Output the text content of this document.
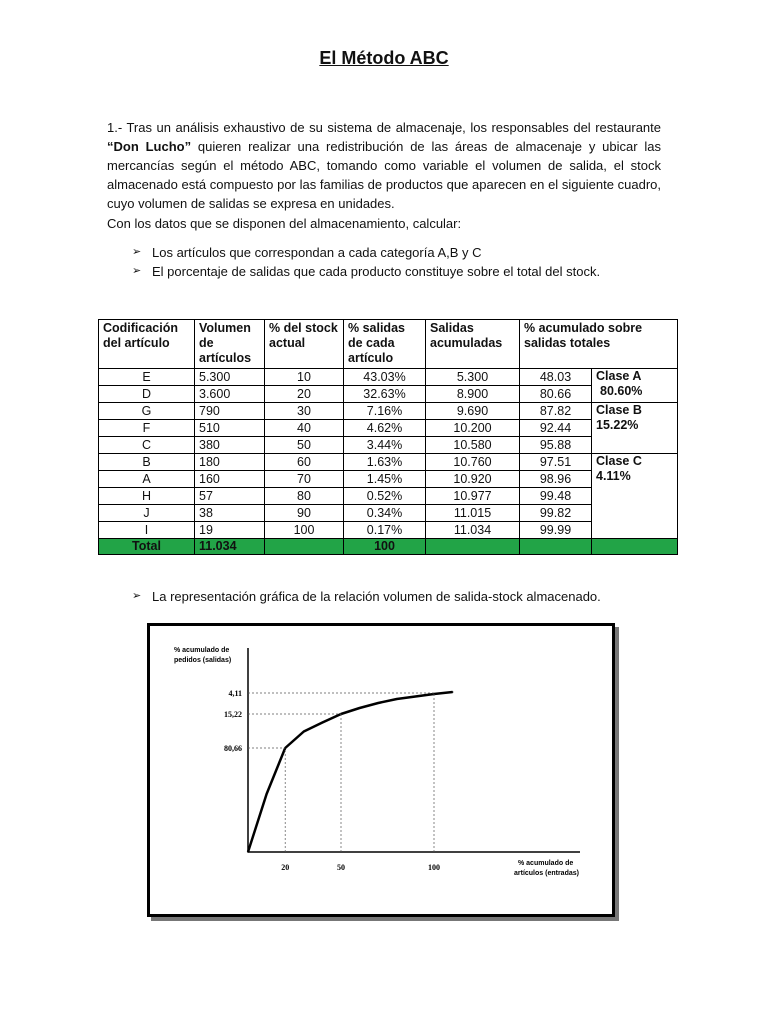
El Método ABC
1.- Tras un análisis exhaustivo de su sistema de almacenaje, los responsables del restaurante “Don Lucho” quieren realizar una redistribución de las áreas de almacenaje y ubicar las mercancías según el método ABC, tomando como variable el volumen de salida, el stock almacenado está compuesto por las familias de productos que aparecen en el siguiente cuadro, cuyo volumen de salidas se expresa en unidades.
Con los datos que se disponen del almacenamiento, calcular:
➢ Los artículos que correspondan a cada categoría A,B y C
➢ El porcentaje de salidas que cada producto constituye sobre el total del stock.
Codificación del artículo	Volumen de artículos	% del stock actual	% salidas de cada artículo	Salidas acumuladas	% acumulado sobre salidas totales	
E	5.300	10	43.03%	5.300	48.03	Clase A
80.60%

D	3.600	20	32.63%	8.900	80.66	
G	790	30	7.16%	9.690	87.82	Clase B
15.22%

F	510	40	4.62%	10.200	92.44	
C	380	50	3.44%	10.580	95.88	
B	180	60	1.63%	10.760	97.51	Clase C
4.11%

A	160	70	1.45%	10.920	98.96	
H	57	80	0.52%	10.977	99.48	
J	38	90	0.34%	11.015	99.82	
I	19	100	0.17%	11.034	99.99	
Total	11.034		100			
➢ La representación gráfica de la relación volumen de salida-stock almacenado.
% acumulado de
pedidos (salidas)
% acumulado de
artículos (entradas)
20	50	100
4,11
15,22
80,66
